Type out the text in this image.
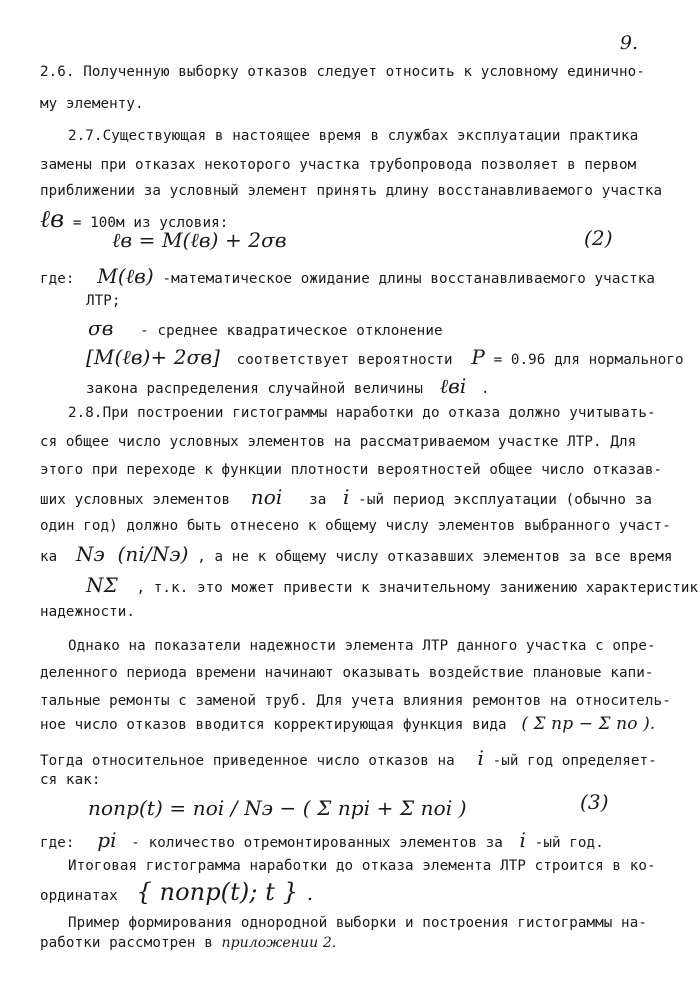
9.
2.6. Полученную выборку отказов следует относить к условному единично-
му элементу.
2.7.Существующая в настоящее время в службах эксплуатации практика
замены при отказах некоторого участка трубопровода позволяет в первом
приближении за условный элемент принять длину восстанавливаемого участка
ℓв = 100м из условия:
ℓв = M(ℓв) + 2σв	(2)
где: M(ℓв) -математическое ожидание длины восстанавливаемого участка
ЛТР;
σв - среднее квадратическое отклонение
[M(ℓв)+ 2σв] соответствует вероятности P = 0.96 для нормального
закона распределения случайной величины ℓвi .
2.8.При построении гистограммы наработки до отказа должно учитывать-
ся общее число условных элементов на рассматриваемом участке ЛТР. Для
этого при переходе к функции плотности вероятностей общее число отказав-
ших условных элементов noi за i -ый период эксплуатации (обычно за
один год) должно быть отнесено к общему числу элементов выбранного участ-
ка Nэ (ni/Nэ) , а не к общему числу отказавших элементов за все время
NΣ , т.к. это может привести к значительному занижению характеристик
надежности.
Однако на показатели надежности элемента ЛТР данного участка с опре-
деленного периода времени начинают оказывать воздействие плановые капи-
тальные ремонты с заменой труб. Для учета влияния ремонтов на относитель-
ное число отказов вводится корректирующая функция вида ( Σ np − Σ no ).
Тогда относительное приведенное число отказов на i -ый год определяет-
ся как:
noпр(t) = noi / Nэ − ( Σ npi + Σ noi )	(3)
где: pi - количество отремонтированных элементов за i -ый год.
Итоговая гистограмма наработки до отказа элемента ЛТР строится в ко-
ординатах { noпр(t); t } .
Пример формирования однородной выборки и построения гистограммы на-
работки рассмотрен в приложении 2.
